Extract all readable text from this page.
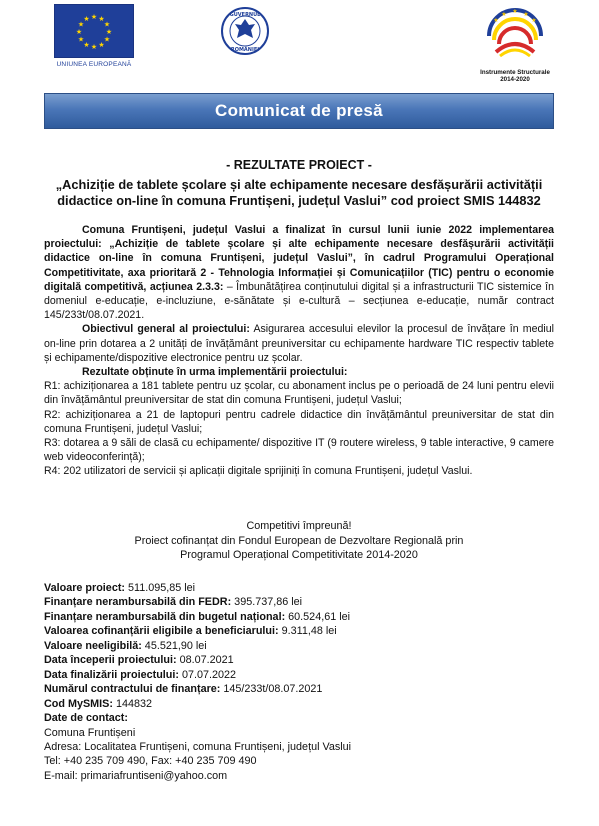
★ ★
★
★
★
★
★
★
★
★
★
★
UNIUNEA EUROPEANĂ
GUVERNUL
ROMÂNIEI
★
★	★
★	★
Instrumente Structurale
2014-2020
Comunicat de presă
- REZULTATE PROIECT -
„Achiziție de tablete școlare și alte echipamente necesare desfășurării activității didactice on-line în comuna Fruntișeni, județul Vaslui” cod proiect SMIS 144832

Comuna Fruntișeni, județul Vaslui a finalizat în cursul lunii iunie 2022 implementarea proiectului: „Achiziție de tablete școlare și alte echipamente necesare desfășurării activității didactice on-line în comuna Fruntișeni, județul Vaslui”, în cadrul Programului Operațional Competitivitate, axa prioritară 2 - Tehnologia Informației și Comunicațiilor (TIC) pentru o economie digitală competitivă, acțiunea 2.3.3: – Îmbunătățirea conținutului digital și a infrastructurii TIC sistemice în domeniul e-educație, e-incluziune, e-sănătate și e-cultură – secțiunea e-educație, număr contract 145/233t/08.07.2021.

Obiectivul general al proiectului: Asigurarea accesului elevilor la procesul de învățare în mediul on-line prin dotarea a 2 unități de învățământ preuniversitar cu echipamente hardware TIC respectiv tablete și echipamente/dispozitive electronice pentru uz școlar.

Rezultate obținute în urma implementării proiectului:

R1: achiziționarea a 181 tablete pentru uz școlar, cu abonament inclus pe o perioadă de 24 luni pentru elevii din învățământul preuniversitar de stat din comuna Fruntișeni, județul Vaslui;

R2: achiziționarea a 21 de laptopuri pentru cadrele didactice din învățământul preuniversitar de stat din comuna Fruntișeni, județul Vaslui;

R3: dotarea a 9 săli de clasă cu echipamente/ dispozitive IT (9 routere wireless, 9 table interactive, 9 camere web videoconferință);

R4: 202 utilizatori de servicii și aplicații digitale sprijiniți în comuna Fruntișeni, județul Vaslui.

Competitivi împreună!
Proiect cofinanțat din Fondul European de Dezvoltare Regională prin
Programul Operațional Competitivitate 2014-2020
Valoare proiect: 511.095,85 lei
Finanțare nerambursabilă din FEDR: 395.737,86 lei
Finanțare nerambursabilă din bugetul național: 60.524,61 lei
Valoarea cofinanțării eligibile a beneficiarului: 9.311,48 lei
Valoare neeligibilă: 45.521,90 lei
Data începerii proiectului: 08.07.2021
Data finalizării proiectului: 07.07.2022
Numărul contractului de finanțare: 145/233t/08.07.2021
Cod MySMIS: 144832
Date de contact:
Comuna Fruntișeni
Adresa: Localitatea Fruntișeni, comuna Fruntișeni, județul Vaslui
Tel: +40 235 709 490, Fax: +40 235 709 490
E-mail: primariafruntiseni@yahoo.com
